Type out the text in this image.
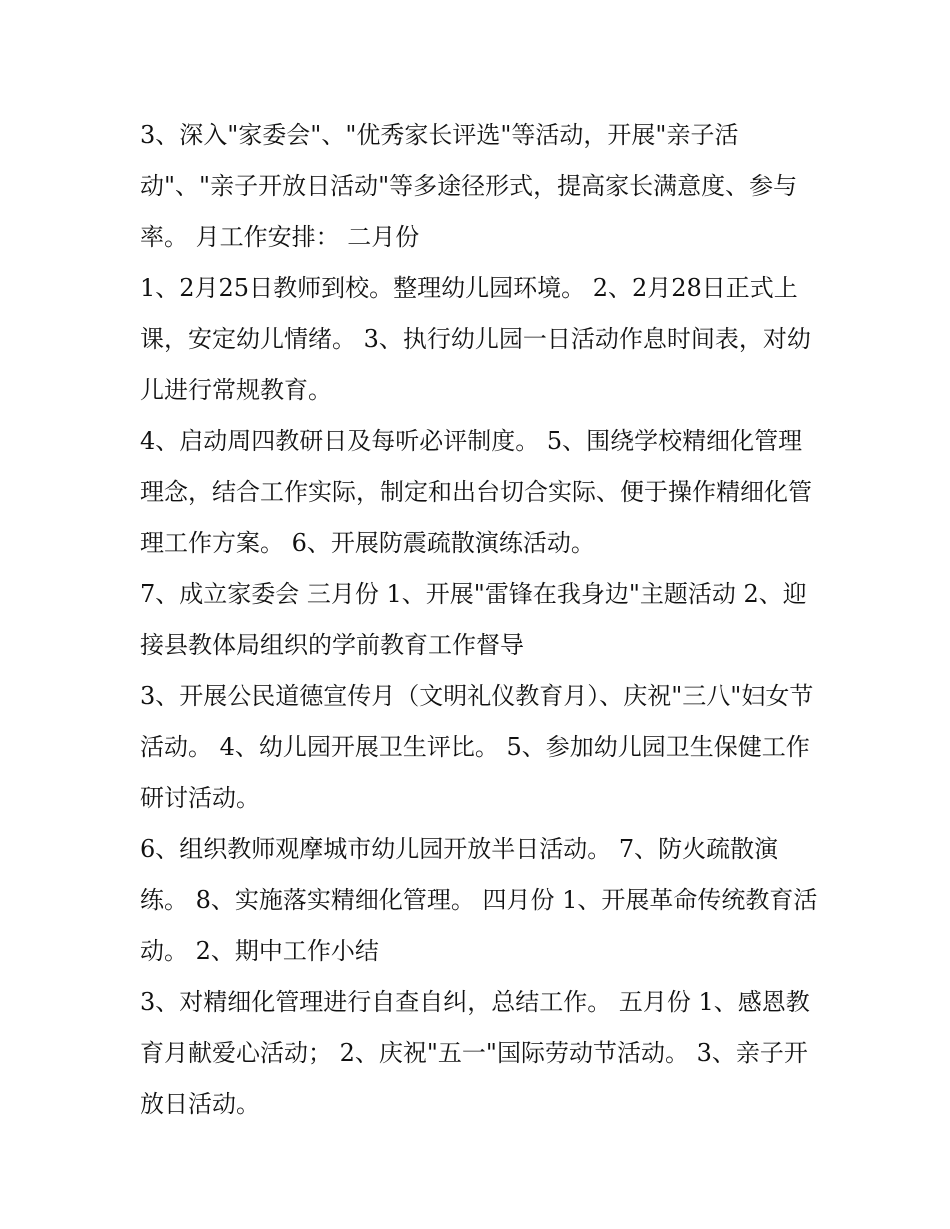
3、深入"家委会"、"优秀家长评选"等活动，开展"亲子活动"、"亲子开放日活动"等多途径形式，提高家长满意度、参与率。 月工作安排： 二月份

1、2月25日教师到校。整理幼儿园环境。 2、2月28日正式上课，安定幼儿情绪。 3、执行幼儿园一日活动作息时间表，对幼儿进行常规教育。

4、启动周四教研日及每听必评制度。 5、围绕学校精细化管理理念，结合工作实际，制定和出台切合实际、便于操作精细化管理工作方案。 6、开展防震疏散演练活动。

7、成立家委会 三月份 1、开展"雷锋在我身边"主题活动 2、迎接县教体局组织的学前教育工作督导

3、开展公民道德宣传月（文明礼仪教育月）、庆祝"三八"妇女节活动。 4、幼儿园开展卫生评比。 5、参加幼儿园卫生保健工作研讨活动。

6、组织教师观摩城市幼儿园开放半日活动。 7、防火疏散演练。 8、实施落实精细化管理。 四月份 1、开展革命传统教育活动。 2、期中工作小结

3、对精细化管理进行自查自纠，总结工作。 五月份 1、感恩教育月献爱心活动； 2、庆祝"五一"国际劳动节活动。 3、亲子开放日活动。
